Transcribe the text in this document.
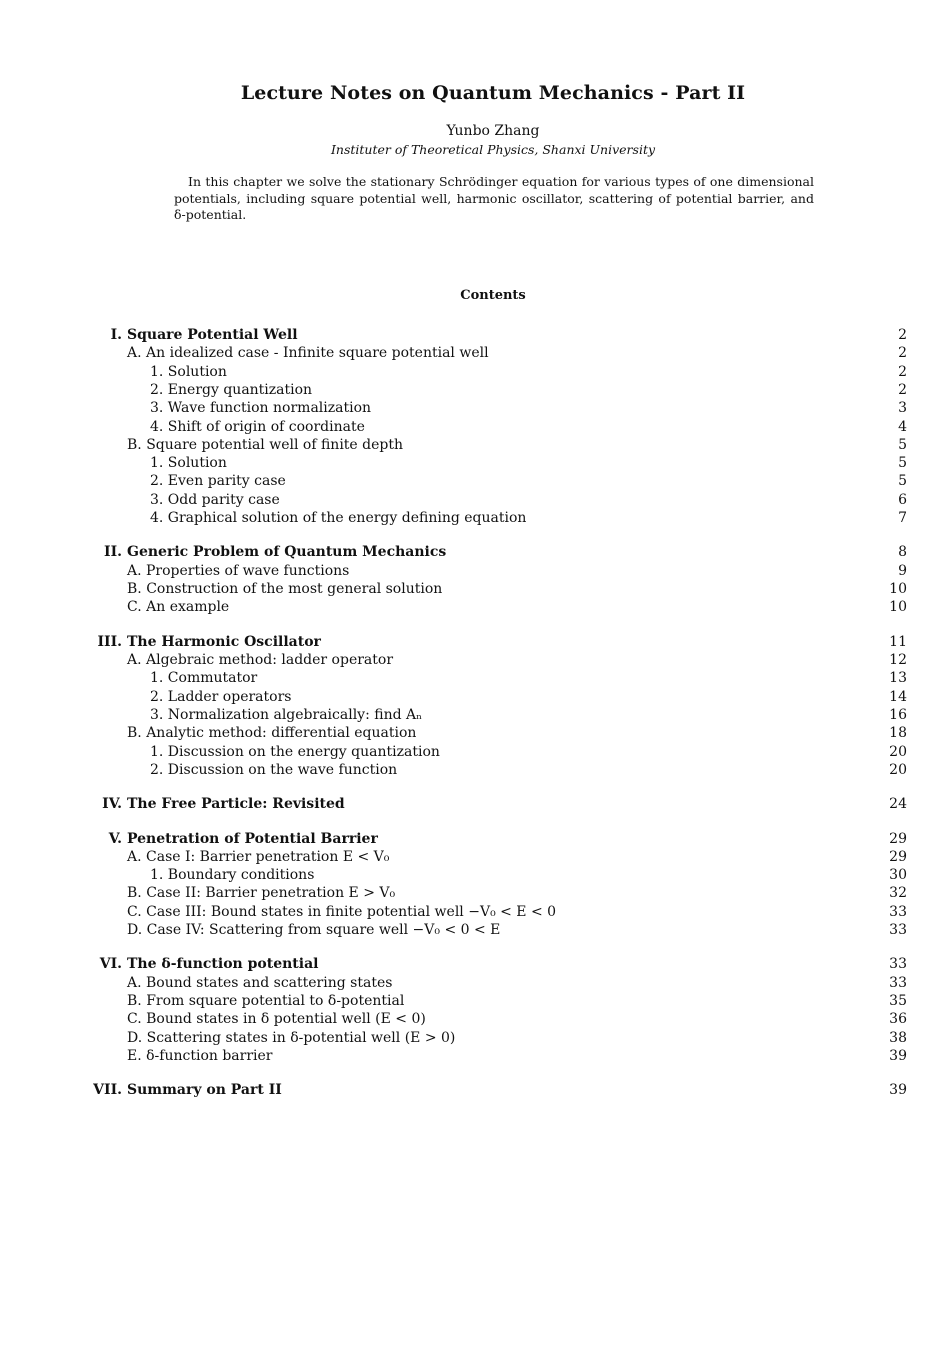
Lecture Notes on Quantum Mechanics - Part II
Yunbo Zhang
Instituter of Theoretical Physics, Shanxi University
In this chapter we solve the stationary Schrödinger equation for various types of one dimensional potentials, including square potential well, harmonic oscillator, scattering of potential barrier, and δ-potential.
Contents
I. Square Potential Well	2
A. An idealized case - Infinite square potential well	2
1. Solution	2
2. Energy quantization	2
3. Wave function normalization	3
4. Shift of origin of coordinate	4
B. Square potential well of finite depth	5
1. Solution	5
2. Even parity case	5
3. Odd parity case	6
4. Graphical solution of the energy defining equation	7
II. Generic Problem of Quantum Mechanics	8
A. Properties of wave functions	9
B. Construction of the most general solution	10
C. An example	10
III. The Harmonic Oscillator	11
A. Algebraic method: ladder operator	12
1. Commutator	13
2. Ladder operators	14
3. Normalization algebraically: find Aₙ	16
B. Analytic method: differential equation	18
1. Discussion on the energy quantization	20
2. Discussion on the wave function	20
IV. The Free Particle: Revisited	24
V. Penetration of Potential Barrier	29
A. Case I: Barrier penetration E < V₀	29
1. Boundary conditions	30
B. Case II: Barrier penetration E > V₀	32
C. Case III: Bound states in finite potential well −V₀ < E < 0	33
D. Case IV: Scattering from square well −V₀ < 0 < E	33
VI. The δ-function potential	33
A. Bound states and scattering states	33
B. From square potential to δ-potential	35
C. Bound states in δ potential well (E < 0)	36
D. Scattering states in δ-potential well (E > 0)	38
E. δ-function barrier	39
VII. Summary on Part II	39
